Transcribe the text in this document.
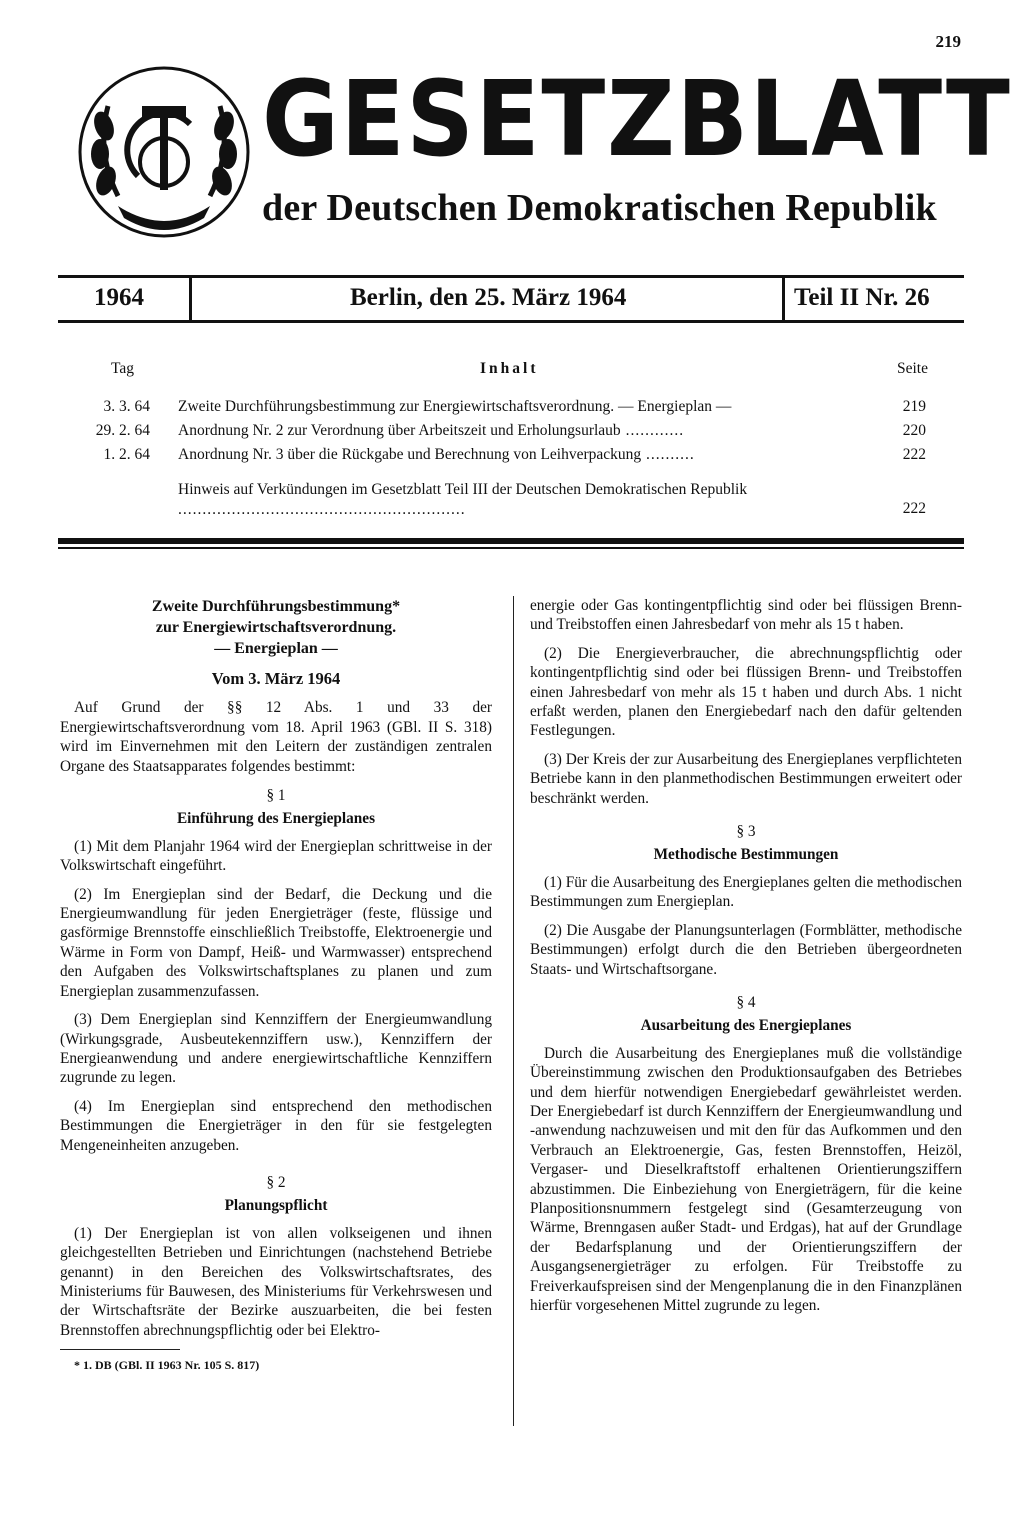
219
GESETZBLATT
der Deutschen Demokratischen Republik
1964	Berlin, den 25. März 1964	Teil II Nr. 26
Tag	Inhalt	Seite
3. 3. 64 Zweite Durchführungsbestimmung zur Energiewirtschaftsverordnung. — Energieplan —	219
29. 2. 64 Anordnung Nr. 2 zur Verordnung über Arbeitszeit und Erholungsurlaub ............	220
1. 2. 64 Anordnung Nr. 3 über die Rückgabe und Berechnung von Leihverpackung ..........	222
Hinweis auf Verkündungen im Gesetzblatt Teil III der Deutschen Demokratischen Republik ...........................................................	222
Zweite Durchführungsbestimmung*
zur Energiewirtschaftsverordnung.
— Energieplan —
Vom 3. März 1964

Auf Grund der §§ 12 Abs. 1 und 33 der Energiewirtschaftsverordnung vom 18. April 1963 (GBl. II S. 318) wird im Einvernehmen mit den Leitern der zuständigen zentralen Organe des Staatsapparates folgendes bestimmt:

§ 1
Einführung des Energieplanes

(1) Mit dem Planjahr 1964 wird der Energieplan schrittweise in der Volkswirtschaft eingeführt.

(2) Im Energieplan sind der Bedarf, die Deckung und die Energieumwandlung für jeden Energieträger (feste, flüssige und gasförmige Brennstoffe einschließlich Treibstoffe, Elektroenergie und Wärme in Form von Dampf, Heiß- und Warmwasser) entsprechend den Aufgaben des Volkswirtschaftsplanes zu planen und zum Energieplan zusammenzufassen.

(3) Dem Energieplan sind Kennziffern der Energieumwandlung (Wirkungsgrade, Ausbeutekennziffern usw.), Kennziffern der Energieanwendung und andere energiewirtschaftliche Kennziffern zugrunde zu legen.

(4) Im Energieplan sind entsprechend den methodischen Bestimmungen die Energieträger in den für sie festgelegten Mengeneinheiten anzugeben.

§ 2
Planungspflicht

(1) Der Energieplan ist von allen volkseigenen und ihnen gleichgestellten Betrieben und Einrichtungen (nachstehend Betriebe genannt) in den Bereichen des Volkswirtschaftsrates, des Ministeriums für Bauwesen, des Ministeriums für Verkehrswesen und der Wirtschaftsräte der Bezirke auszuarbeiten, die bei festen Brennstoffen abrechnungspflichtig oder bei Elektro-

* 1. DB (GBl. II 1963 Nr. 105 S. 817)

energie oder Gas kontingentpflichtig sind oder bei flüssigen Brenn- und Treibstoffen einen Jahresbedarf von mehr als 15 t haben.

(2) Die Energieverbraucher, die abrechnungspflichtig oder kontingentpflichtig sind oder bei flüssigen Brenn- und Treibstoffen einen Jahresbedarf von mehr als 15 t haben und durch Abs. 1 nicht erfaßt werden, planen den Energiebedarf nach den dafür geltenden Festlegungen.

(3) Der Kreis der zur Ausarbeitung des Energieplanes verpflichteten Betriebe kann in den planmethodischen Bestimmungen erweitert oder beschränkt werden.

§ 3
Methodische Bestimmungen

(1) Für die Ausarbeitung des Energieplanes gelten die methodischen Bestimmungen zum Energieplan.

(2) Die Ausgabe der Planungsunterlagen (Formblätter, methodische Bestimmungen) erfolgt durch die den Betrieben übergeordneten Staats- und Wirtschaftsorgane.

§ 4
Ausarbeitung des Energieplanes

Durch die Ausarbeitung des Energieplanes muß die vollständige Übereinstimmung zwischen den Produktionsaufgaben des Betriebes und dem hierfür notwendigen Energiebedarf gewährleistet werden. Der Energiebedarf ist durch Kennziffern der Energieumwandlung und -anwendung nachzuweisen und mit den für das Aufkommen und den Verbrauch an Elektroenergie, Gas, festen Brennstoffen, Heizöl, Vergaser- und Dieselkraftstoff erhaltenen Orientierungsziffern abzustimmen. Die Einbeziehung von Energieträgern, für die keine Planpositionsnummern festgelegt sind (Gesamterzeugung von Wärme, Brenngasen außer Stadt- und Erdgas), hat auf der Grundlage der Bedarfsplanung und der Orientierungsziffern der Ausgangsenergieträger zu erfolgen. Für Treibstoffe zu Freiverkaufspreisen sind der Mengenplanung die in den Finanzplänen hierfür vorgesehenen Mittel zugrunde zu legen.
